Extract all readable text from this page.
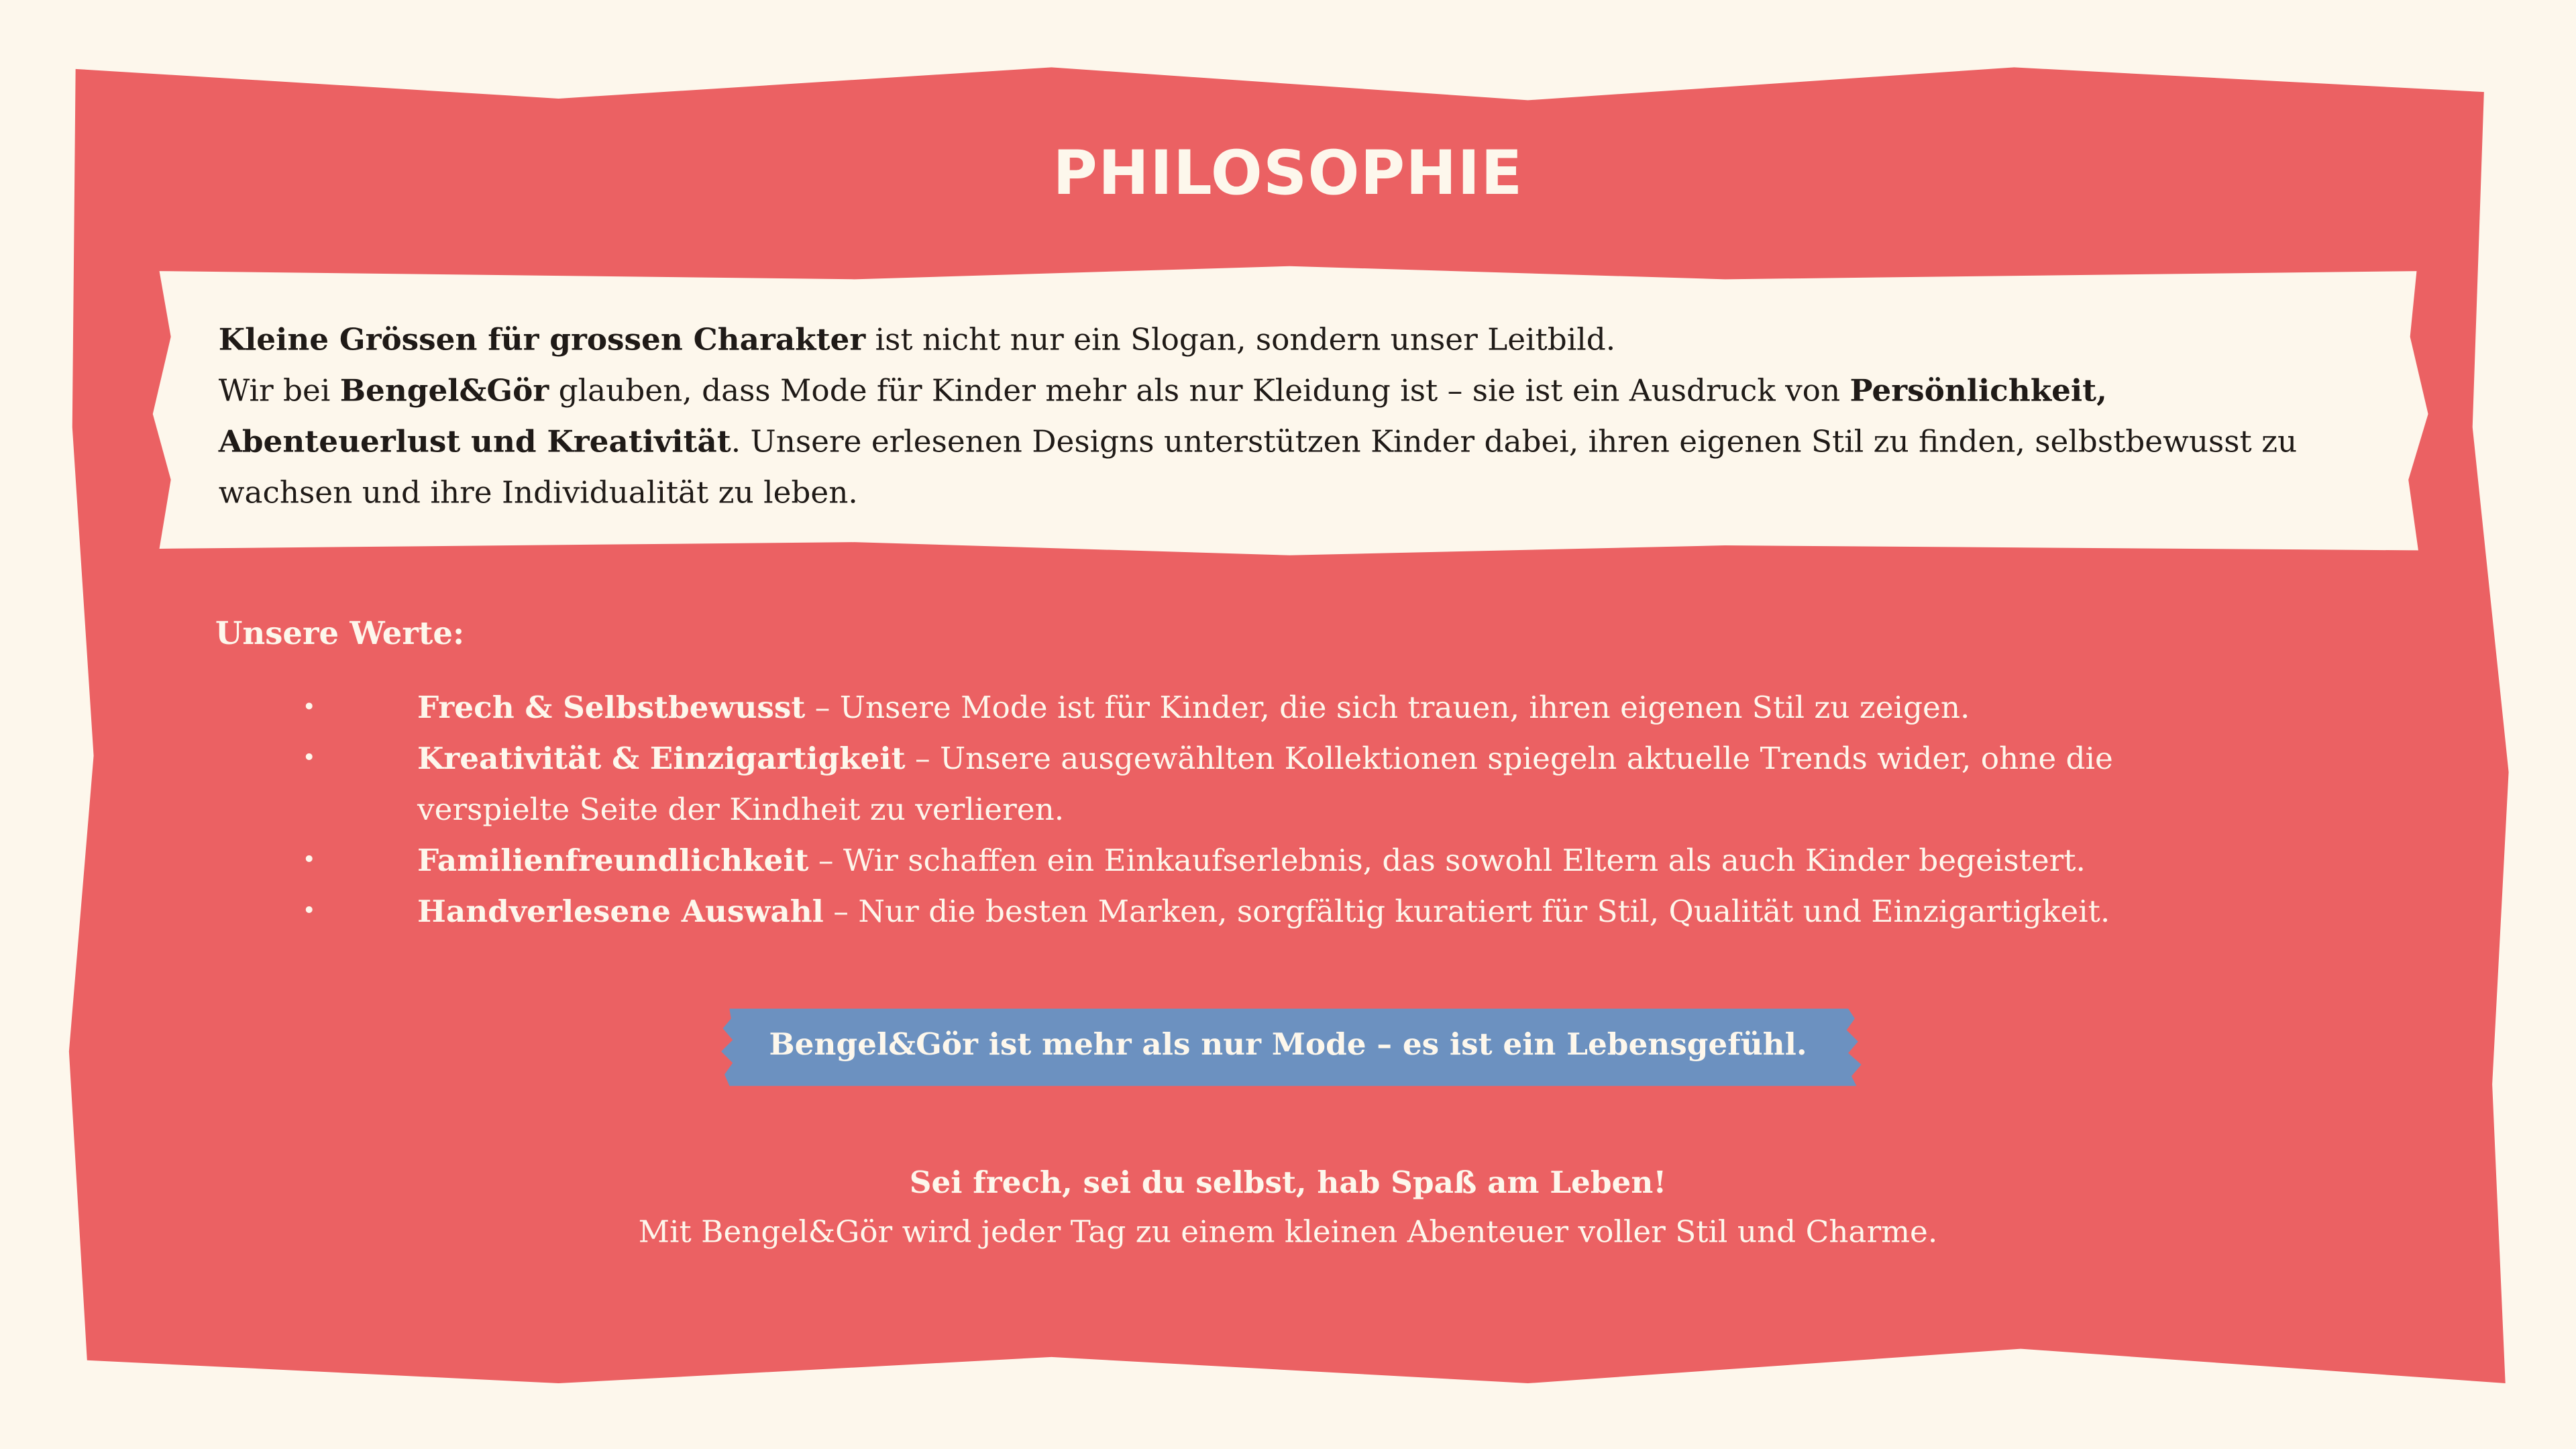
PHILOSOPHIE

Kleine Grössen für grossen Charakter ist nicht nur ein Slogan, sondern unser Leitbild.
Wir bei Bengel&Gör glauben, dass Mode für Kinder mehr als nur Kleidung ist – sie ist ein Ausdruck von Persönlichkeit, Abenteuerlust und Kreativität. Unsere erlesenen Designs unterstützen Kinder dabei, ihren eigenen Stil zu finden, selbstbewusst zu wachsen und ihre Individualität zu leben.

Unsere Werte:
•	Frech & Selbstbewusst – Unsere Mode ist für Kinder, die sich trauen, ihren eigenen Stil zu zeigen.
•	Kreativität & Einzigartigkeit – Unsere ausgewählten Kollektionen spiegeln aktuelle Trends wider, ohne die verspielte Seite der Kindheit zu verlieren.
•	Familienfreundlichkeit – Wir schaffen ein Einkaufserlebnis, das sowohl Eltern als auch Kinder begeistert.
•	Handverlesene Auswahl – Nur die besten Marken, sorgfältig kuratiert für Stil, Qualität und Einzigartigkeit.
Bengel&Gör ist mehr als nur Mode – es ist ein Lebensgefühl.
Sei frech, sei du selbst, hab Spaß am Leben!
Mit Bengel&Gör wird jeder Tag zu einem kleinen Abenteuer voller Stil und Charme.
